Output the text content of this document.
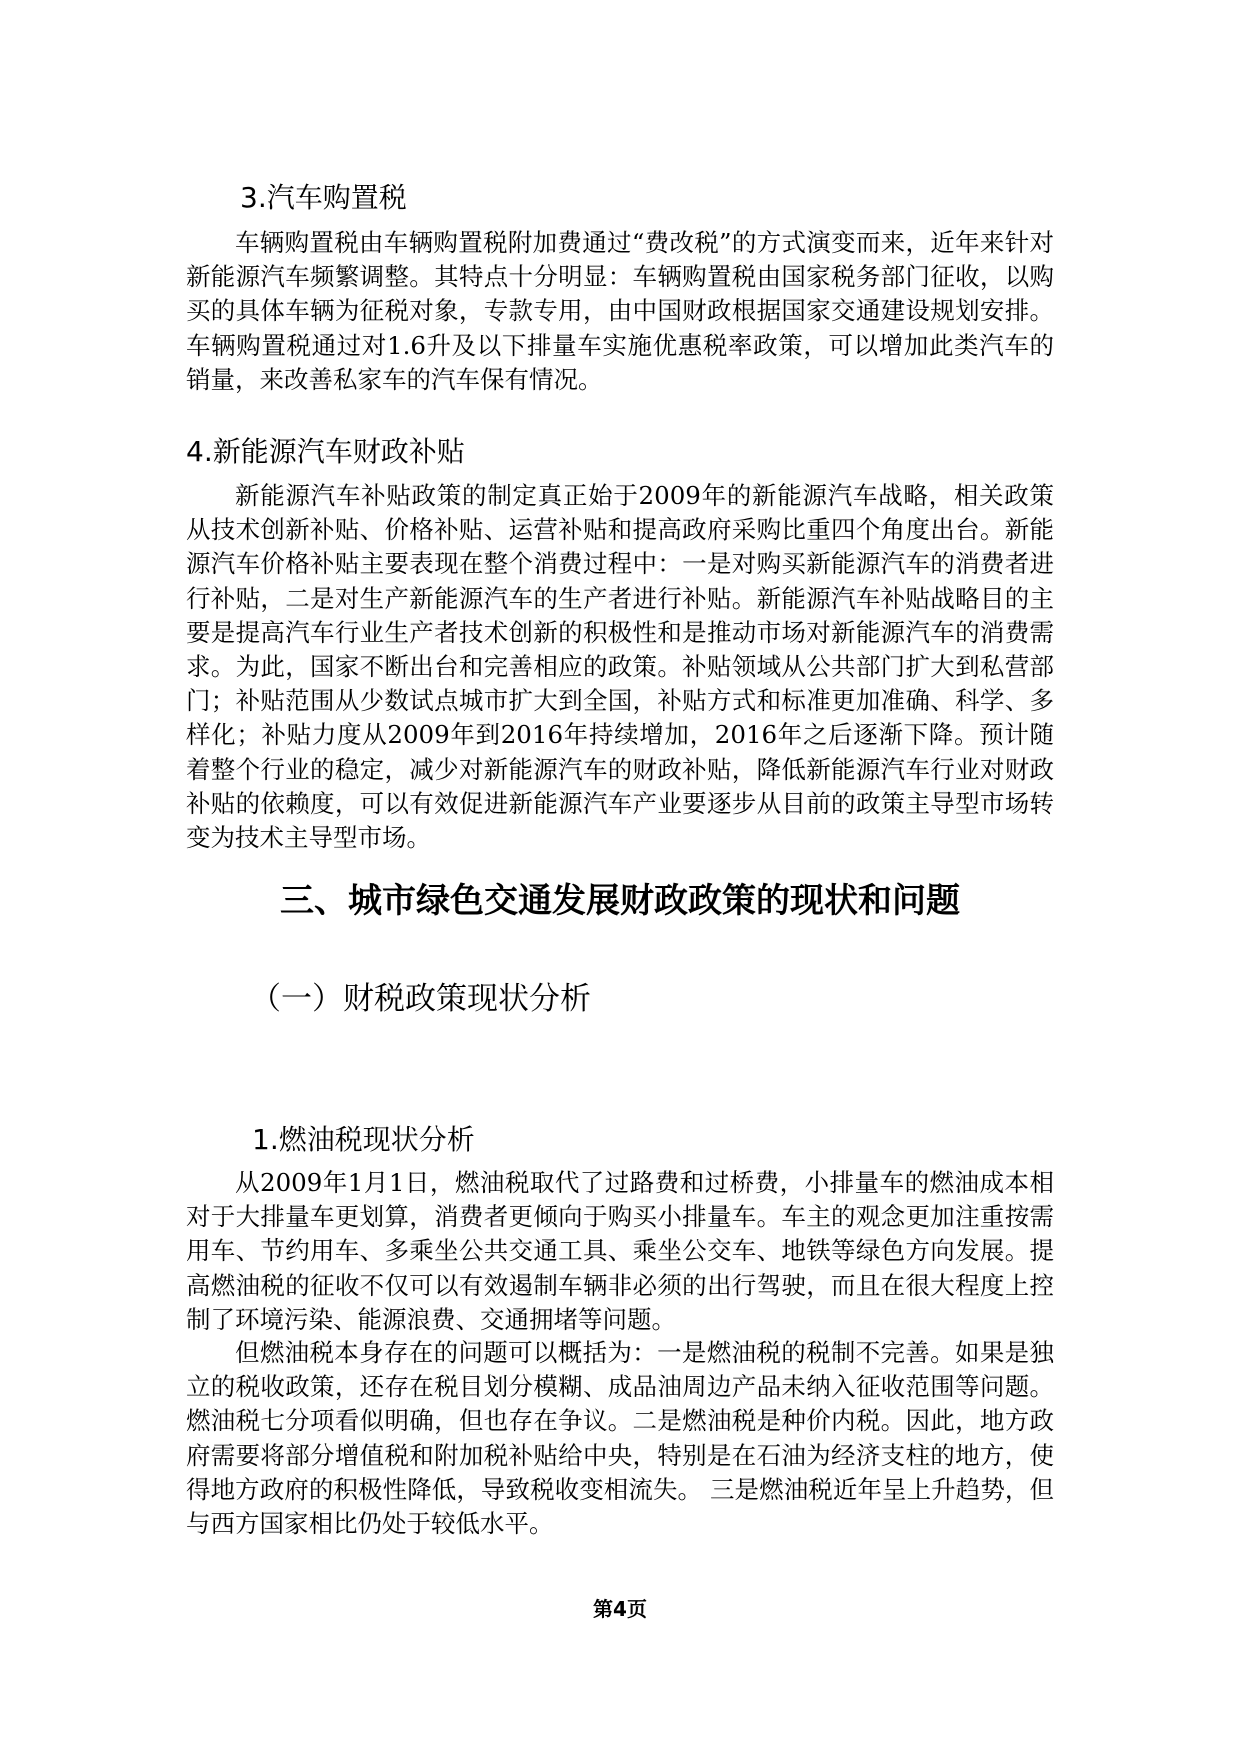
3.汽车购置税

车辆购置税由车辆购置税附加费通过“费改税”的方式演变而来，近年来针对新能源汽车频繁调整。其特点十分明显：车辆购置税由国家税务部门征收，以购买的具体车辆为征税对象，专款专用，由中国财政根据国家交通建设规划安排。车辆购置税通过对1.6升及以下排量车实施优惠税率政策，可以增加此类汽车的销量，来改善私家车的汽车保有情况。

4.新能源汽车财政补贴

新能源汽车补贴政策的制定真正始于2009年的新能源汽车战略，相关政策从技术创新补贴、价格补贴、运营补贴和提高政府采购比重四个角度出台。新能源汽车价格补贴主要表现在整个消费过程中：一是对购买新能源汽车的消费者进行补贴，二是对生产新能源汽车的生产者进行补贴。新能源汽车补贴战略目的主要是提高汽车行业生产者技术创新的积极性和是推动市场对新能源汽车的消费需求。为此，国家不断出台和完善相应的政策。补贴领域从公共部门扩大到私营部门；补贴范围从少数试点城市扩大到全国，补贴方式和标准更加准确、科学、多样化；补贴力度从2009年到2016年持续增加，2016年之后逐渐下降。预计随着整个行业的稳定，减少对新能源汽车的财政补贴，降低新能源汽车行业对财政补贴的依赖度，可以有效促进新能源汽车产业要逐步从目前的政策主导型市场转变为技术主导型市场。

三、城市绿色交通发展财政政策的现状和问题
（一）财税政策现状分析
1.燃油税现状分析

从2009年1月1日，燃油税取代了过路费和过桥费，小排量车的燃油成本相对于大排量车更划算，消费者更倾向于购买小排量车。车主的观念更加注重按需用车、节约用车、多乘坐公共交通工具、乘坐公交车、地铁等绿色方向发展。提高燃油税的征收不仅可以有效遏制车辆非必须的出行驾驶，而且在很大程度上控制了环境污染、能源浪费、交通拥堵等问题。

但燃油税本身存在的问题可以概括为：一是燃油税的税制不完善。如果是独立的税收政策，还存在税目划分模糊、成品油周边产品未纳入征收范围等问题。燃油税七分项看似明确，但也存在争议。二是燃油税是种价内税。因此，地方政府需要将部分增值税和附加税补贴给中央，特别是在石油为经济支柱的地方，使得地方政府的积极性降低，导致税收变相流失。 三是燃油税近年呈上升趋势，但与西方国家相比仍处于较低水平。

第4页
